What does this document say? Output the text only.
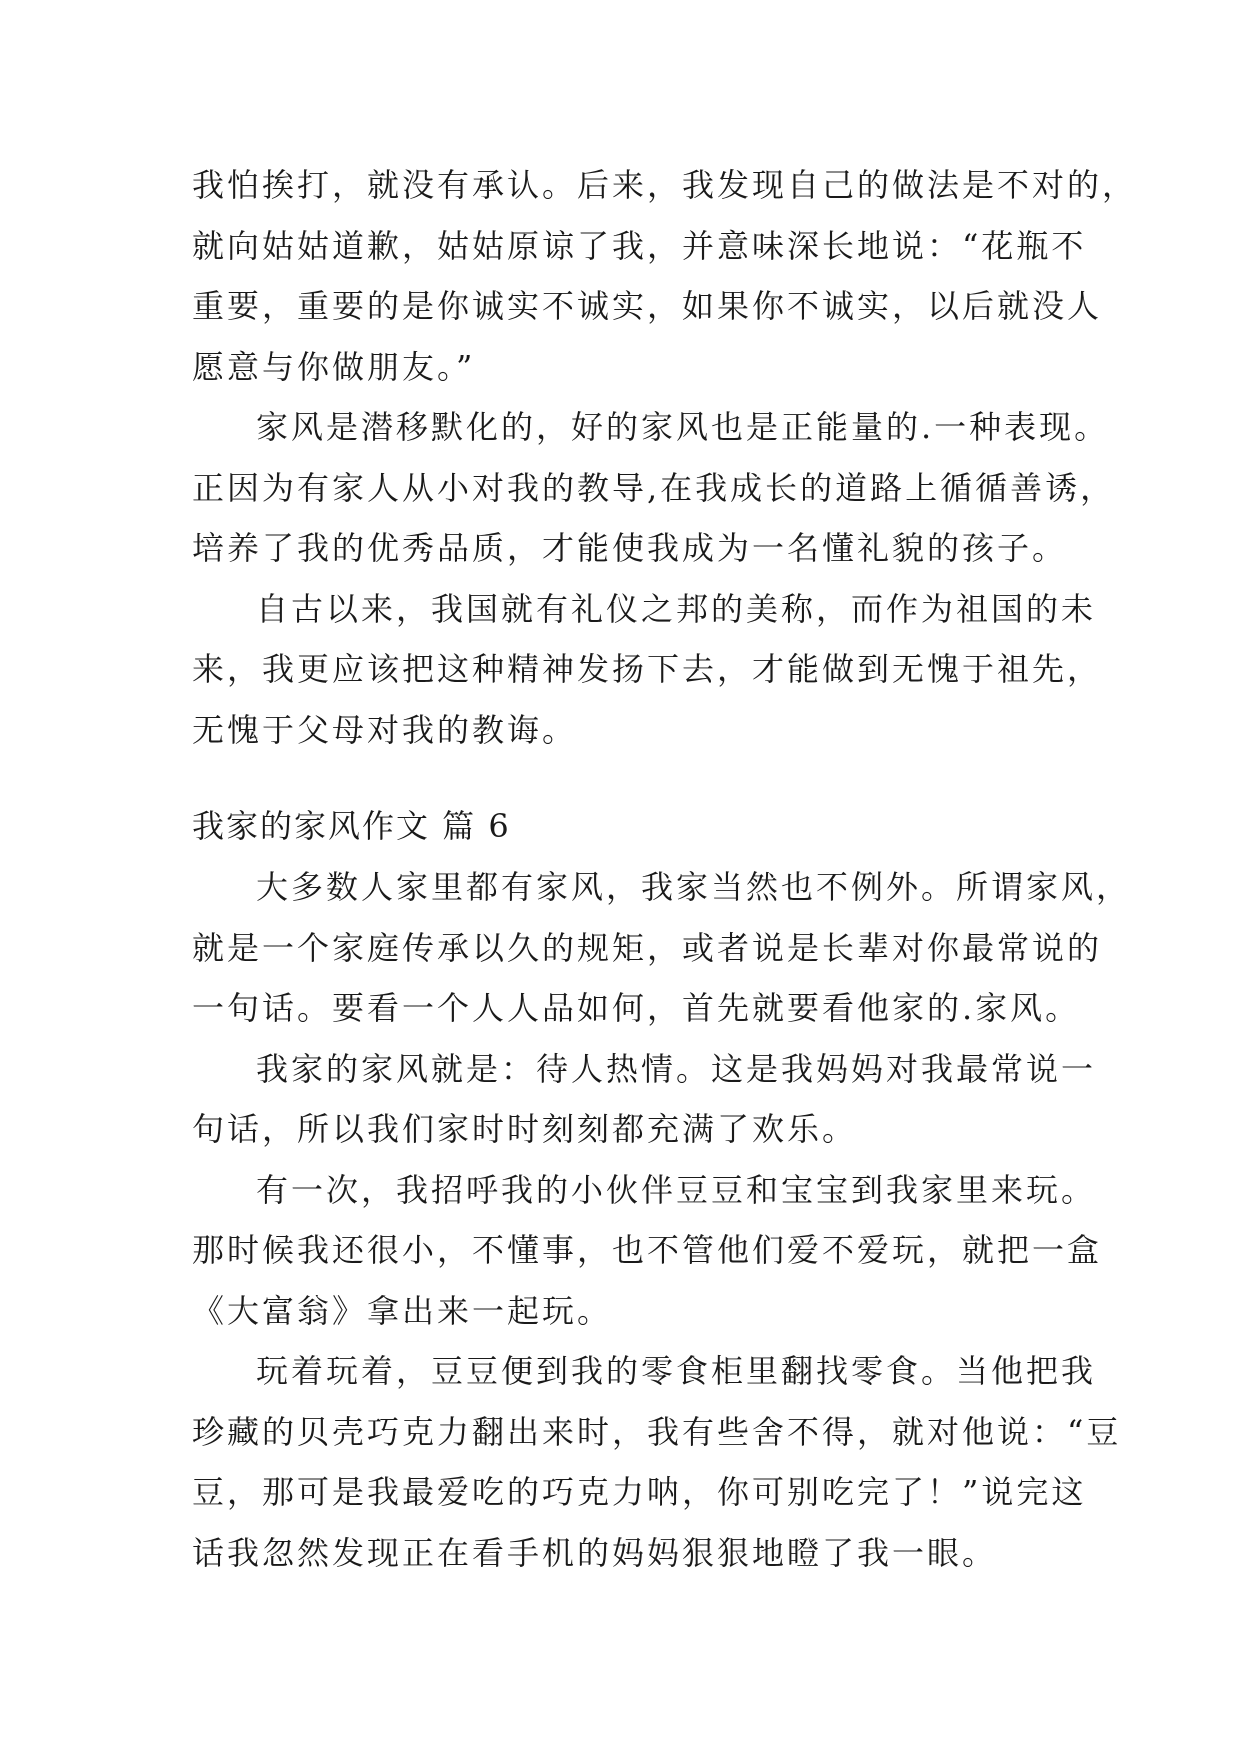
我怕挨打，就没有承认。后来，我发现自己的做法是不对的，
就向姑姑道歉，姑姑原谅了我，并意味深长地说：“花瓶不
重要，重要的是你诚实不诚实，如果你不诚实，以后就没人
愿意与你做朋友。”
家风是潜移默化的，好的家风也是正能量的.一种表现。
正因为有家人从小对我的教导,在我成长的道路上循循善诱，
培养了我的优秀品质，才能使我成为一名懂礼貌的孩子。
自古以来，我国就有礼仪之邦的美称，而作为祖国的未
来，我更应该把这种精神发扬下去，才能做到无愧于祖先，
无愧于父母对我的教诲。
我家的家风作文 篇 6
大多数人家里都有家风，我家当然也不例外。所谓家风，
就是一个家庭传承以久的规矩，或者说是长辈对你最常说的
一句话。要看一个人人品如何，首先就要看他家的.家风。
我家的家风就是：待人热情。这是我妈妈对我最常说一
句话，所以我们家时时刻刻都充满了欢乐。
有一次，我招呼我的小伙伴豆豆和宝宝到我家里来玩。
那时候我还很小，不懂事，也不管他们爱不爱玩，就把一盒
《大富翁》拿出来一起玩。
玩着玩着，豆豆便到我的零食柜里翻找零食。当他把我
珍藏的贝壳巧克力翻出来时，我有些舍不得，就对他说：“豆
豆，那可是我最爱吃的巧克力呐，你可别吃完了！”说完这
话我忽然发现正在看手机的妈妈狠狠地瞪了我一眼。
